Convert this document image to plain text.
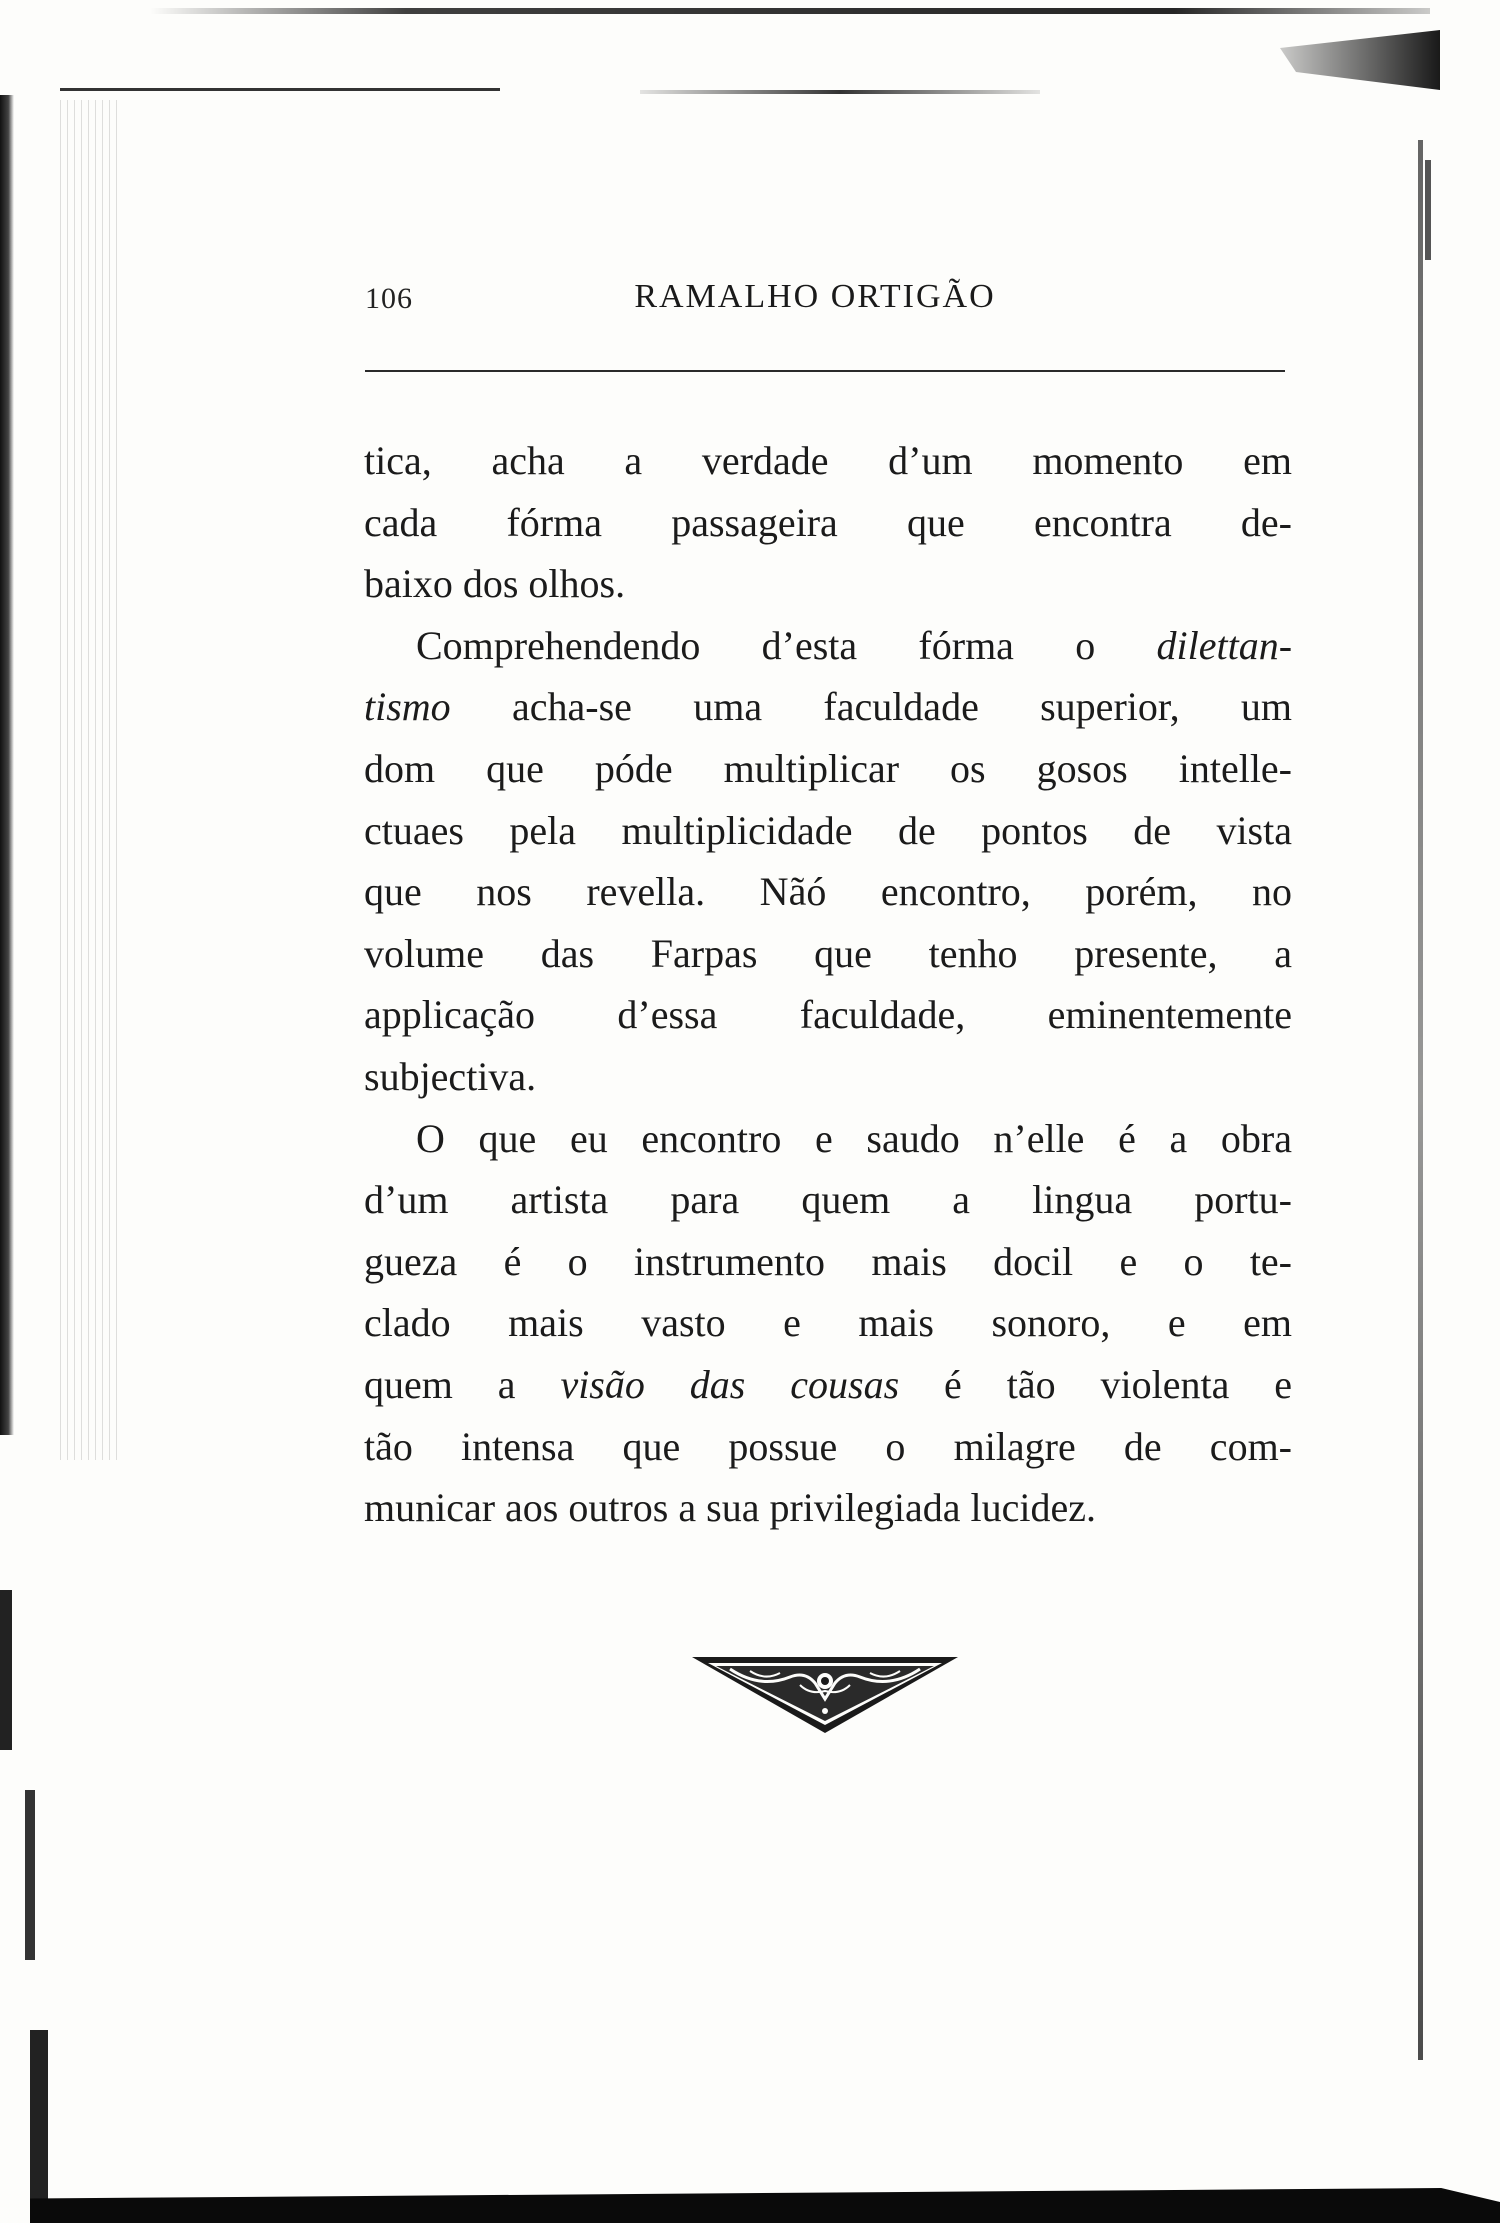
106	RAMALHO ORTIGÃO
tica, acha a verdade d’um momento em
cada fórma passageira que encontra de-
baixo dos olhos.
Comprehendendo d’esta fórma o dilettan-
tismo acha-se uma faculdade superior, um
dom que póde multiplicar os gosos intelle-
ctuaes pela multiplicidade de pontos de vista
que nos revella. Nãó encontro, porém, no
volume das Farpas que tenho presente, a
applicação d’essa faculdade, eminentemente
subjectiva.
O que eu encontro e saudo n’elle é a obra
d’um artista para quem a lingua portu-
gueza é o instrumento mais docil e o te-
clado mais vasto e mais sonoro, e em
quem a visão das cousas é tão violenta e
tão intensa que possue o milagre de com-
municar aos outros a sua privilegiada lucidez.
